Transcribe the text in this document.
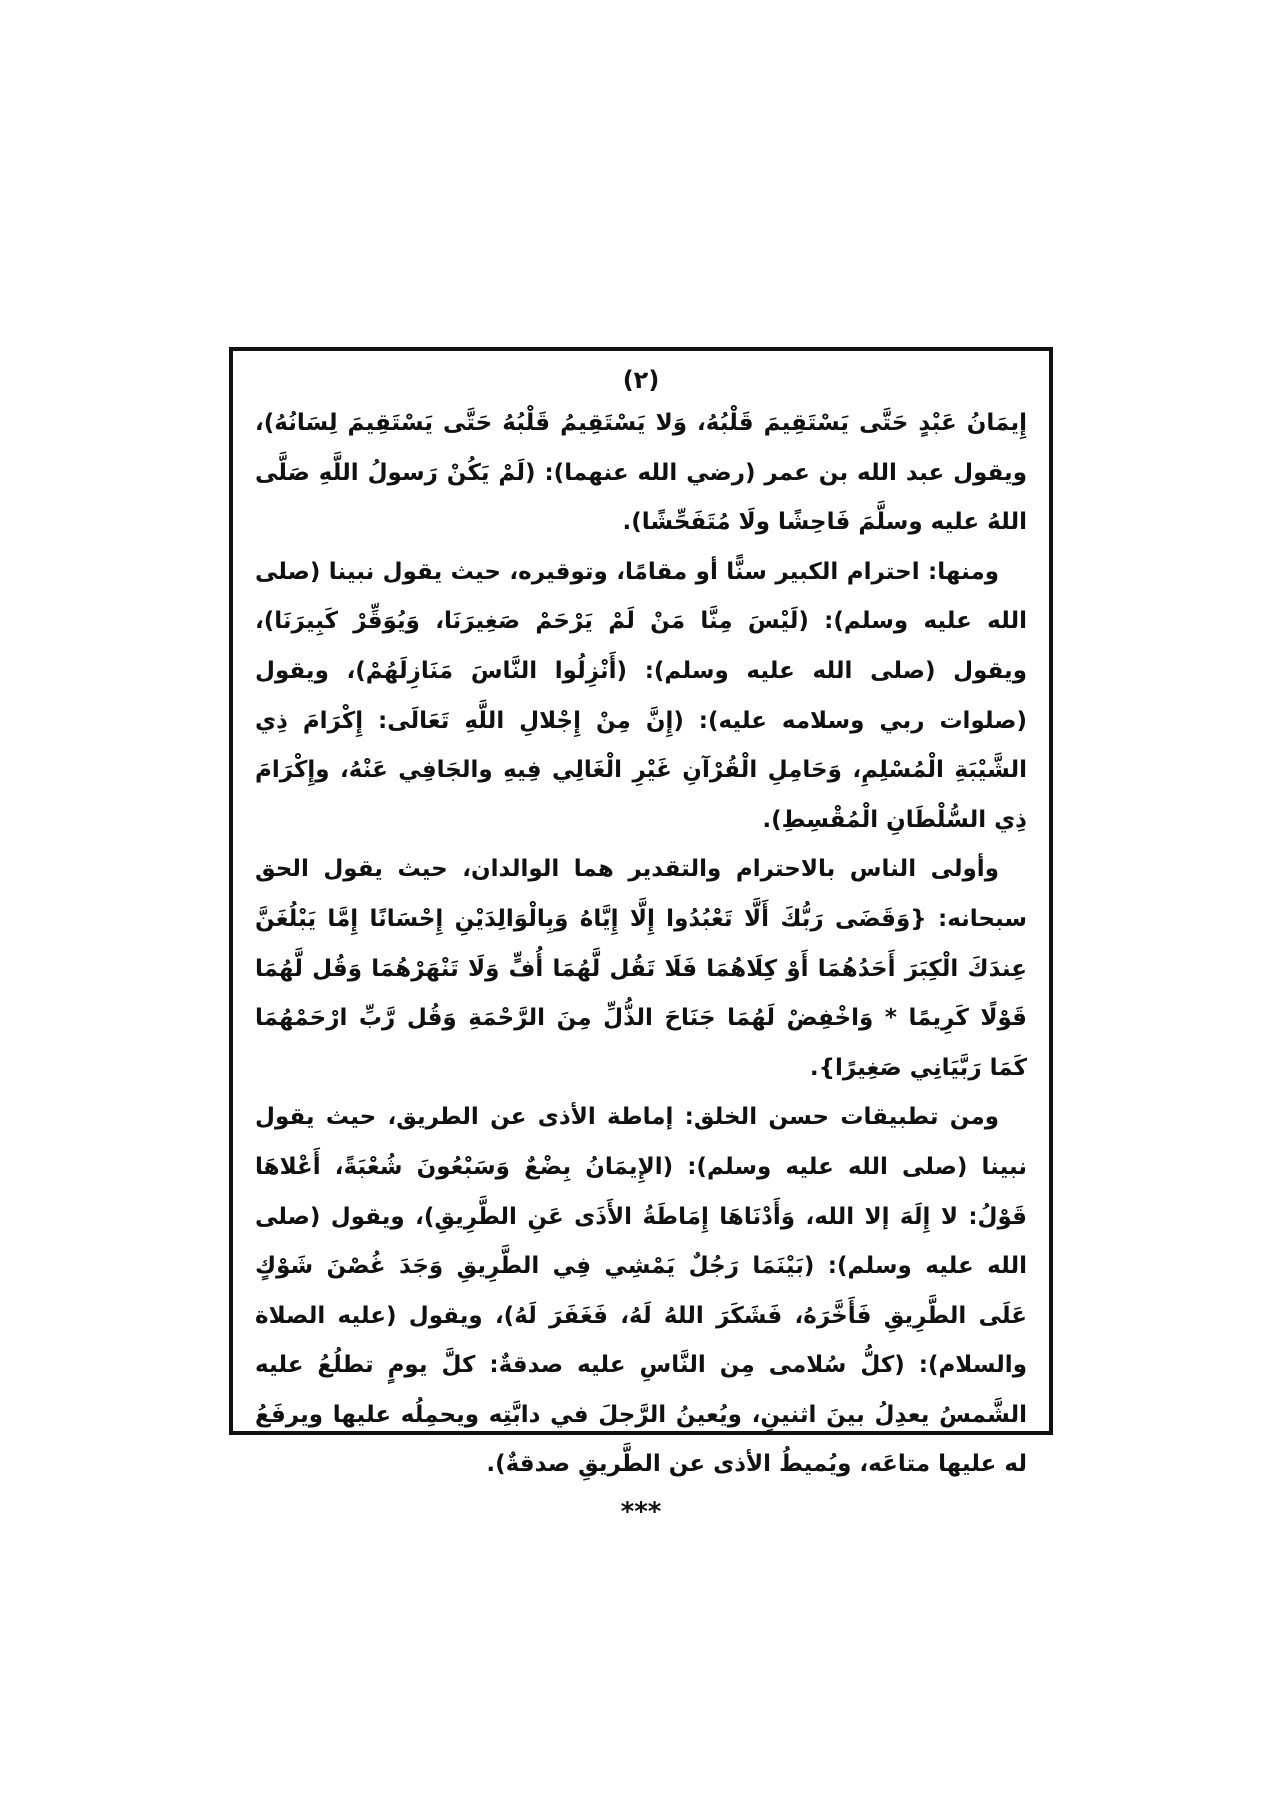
(٢)

إِيمَانُ عَبْدٍ حَتَّى يَسْتَقِيمَ قَلْبُهُ، وَلا يَسْتَقِيمُ قَلْبُهُ حَتَّى يَسْتَقِيمَ لِسَانُهُ)، ويقول عبد الله بن عمر (رضي الله عنهما): (لَمْ يَكُنْ رَسولُ اللَّهِ صَلَّى اللهُ عليه وسلَّمَ فَاحِشًا ولَا مُتَفَحِّشًا).

ومنها: احترام الكبير سنًّا أو مقامًا، وتوقيره، حيث يقول نبينا (صلى الله عليه وسلم): (لَيْسَ مِنَّا مَنْ لَمْ يَرْحَمْ صَغِيرَنَا، وَيُوَقِّرْ كَبِيرَنَا)، ويقول (صلى الله عليه وسلم): (أَنْزِلُوا النَّاسَ مَنَازِلَهُمْ)، ويقول (صلوات ربي وسلامه عليه): (إِنَّ مِنْ إِجْلالِ اللَّهِ تَعَالَى: إِكْرَامَ ذِي الشَّيْبَةِ الْمُسْلِمِ، وَحَامِلِ الْقُرْآنِ غَيْرِ الْغَالِي فِيهِ والجَافِي عَنْهُ، وإِكْرَامَ ذِي السُّلْطَانِ الْمُقْسِطِ).

وأولى الناس بالاحترام والتقدير هما الوالدان، حيث يقول الحق سبحانه: {وَقَضَى رَبُّكَ أَلَّا تَعْبُدُوا إِلَّا إِيَّاهُ وَبِالْوَالِدَيْنِ إِحْسَانًا إِمَّا يَبْلُغَنَّ عِندَكَ الْكِبَرَ أَحَدُهُمَا أَوْ كِلَاهُمَا فَلَا تَقُل لَّهُمَا أُفٍّ وَلَا تَنْهَرْهُمَا وَقُل لَّهُمَا قَوْلًا كَرِيمًا * وَاخْفِضْ لَهُمَا جَنَاحَ الذُّلِّ مِنَ الرَّحْمَةِ وَقُل رَّبِّ ارْحَمْهُمَا كَمَا رَبَّيَانِي صَغِيرًا}.

ومن تطبيقات حسن الخلق: إماطة الأذى عن الطريق، حيث يقول نبينا (صلى الله عليه وسلم): (الإِيمَانُ بِضْعٌ وَسَبْعُونَ شُعْبَةً، أَعْلاهَا قَوْلُ: لا إِلَهَ إلا الله، وَأَدْنَاهَا إِمَاطَةُ الأَذَى عَنِ الطَّرِيقِ)، ويقول (صلى الله عليه وسلم): (بَيْنَمَا رَجُلٌ يَمْشِي فِي الطَّرِيقِ وَجَدَ غُصْنَ شَوْكٍ عَلَى الطَّرِيقِ فَأَخَّرَهُ، فَشَكَرَ اللهُ لَهُ، فَغَفَرَ لَهُ)، ويقول (عليه الصلاة والسلام): (كلُّ سُلامى مِن النَّاسِ عليه صدقةٌ: كلَّ يومٍ تطلُعُ عليه الشَّمسُ يعدِلُ بينَ اثنينِ، ويُعينُ الرَّجلَ في دابَّتِه ويحمِلُه عليها ويرفَعُ له عليها متاعَه، ويُميطُ الأذى عن الطَّريقِ صدقةٌ).

***
